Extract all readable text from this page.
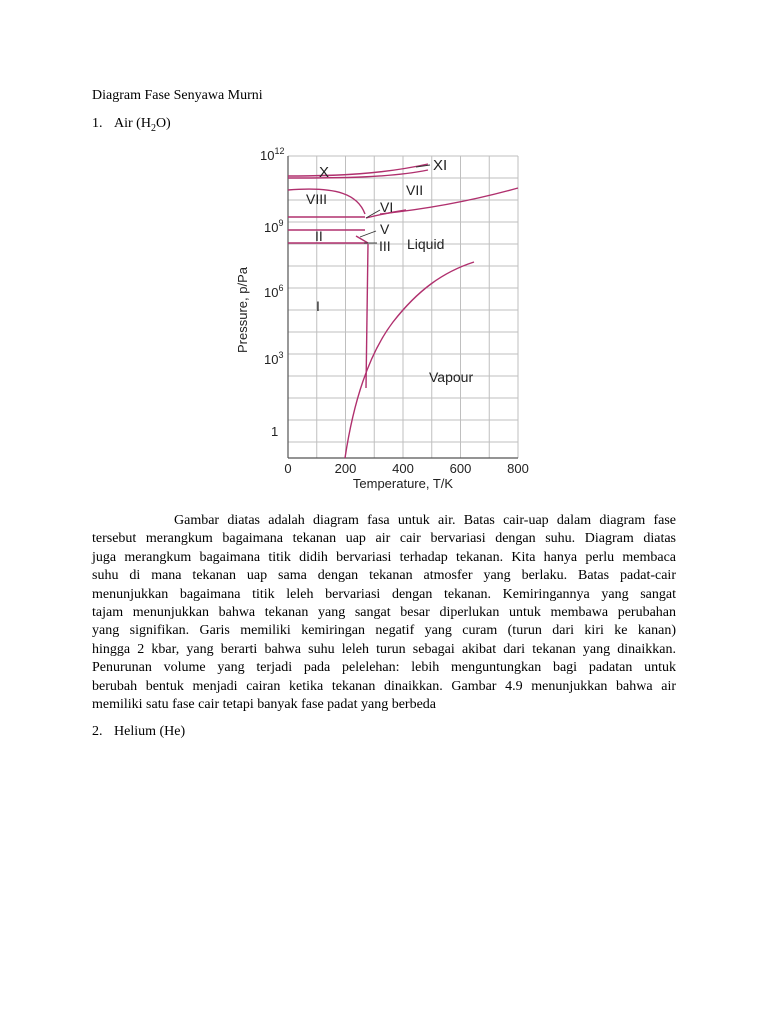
Diagram Fase Senyawa Murni
1. Air $(H_2O)$
X	XI
VII
VIII	VI
V
II
III Liquid
I
Vapour
$10^{12}$
$10^9$
$10^6$
$10^3$
1
0	200	400	600	800
Temperature, T/K
Pressure, p/Pa
Gambar diatas adalah diagram fasa untuk air. Batas cair-uap dalam diagram fase
tersebut merangkum bagaimana tekanan uap air cair bervariasi dengan suhu. Diagram diatas
juga merangkum bagaimana titik didih bervariasi terhadap tekanan. Kita hanya perlu membaca
suhu di mana tekanan uap sama dengan tekanan atmosfer yang berlaku. Batas padat-cair
menunjukkan bagaimana titik leleh bervariasi dengan tekanan. Kemiringannya yang sangat
tajam menunjukkan bahwa tekanan yang sangat besar diperlukan untuk membawa perubahan
yang signifikan. Garis memiliki kemiringan negatif yang curam (turun dari kiri ke kanan)
hingga 2 kbar, yang berarti bahwa suhu leleh turun sebagai akibat dari tekanan yang dinaikkan.
Penurunan volume yang terjadi pada pelelehan: lebih menguntungkan bagi padatan untuk
berubah bentuk menjadi cairan ketika tekanan dinaikkan. Gambar 4.9 menunjukkan bahwa air
memiliki satu fase cair tetapi banyak fase padat yang berbeda
2. Helium (He)
